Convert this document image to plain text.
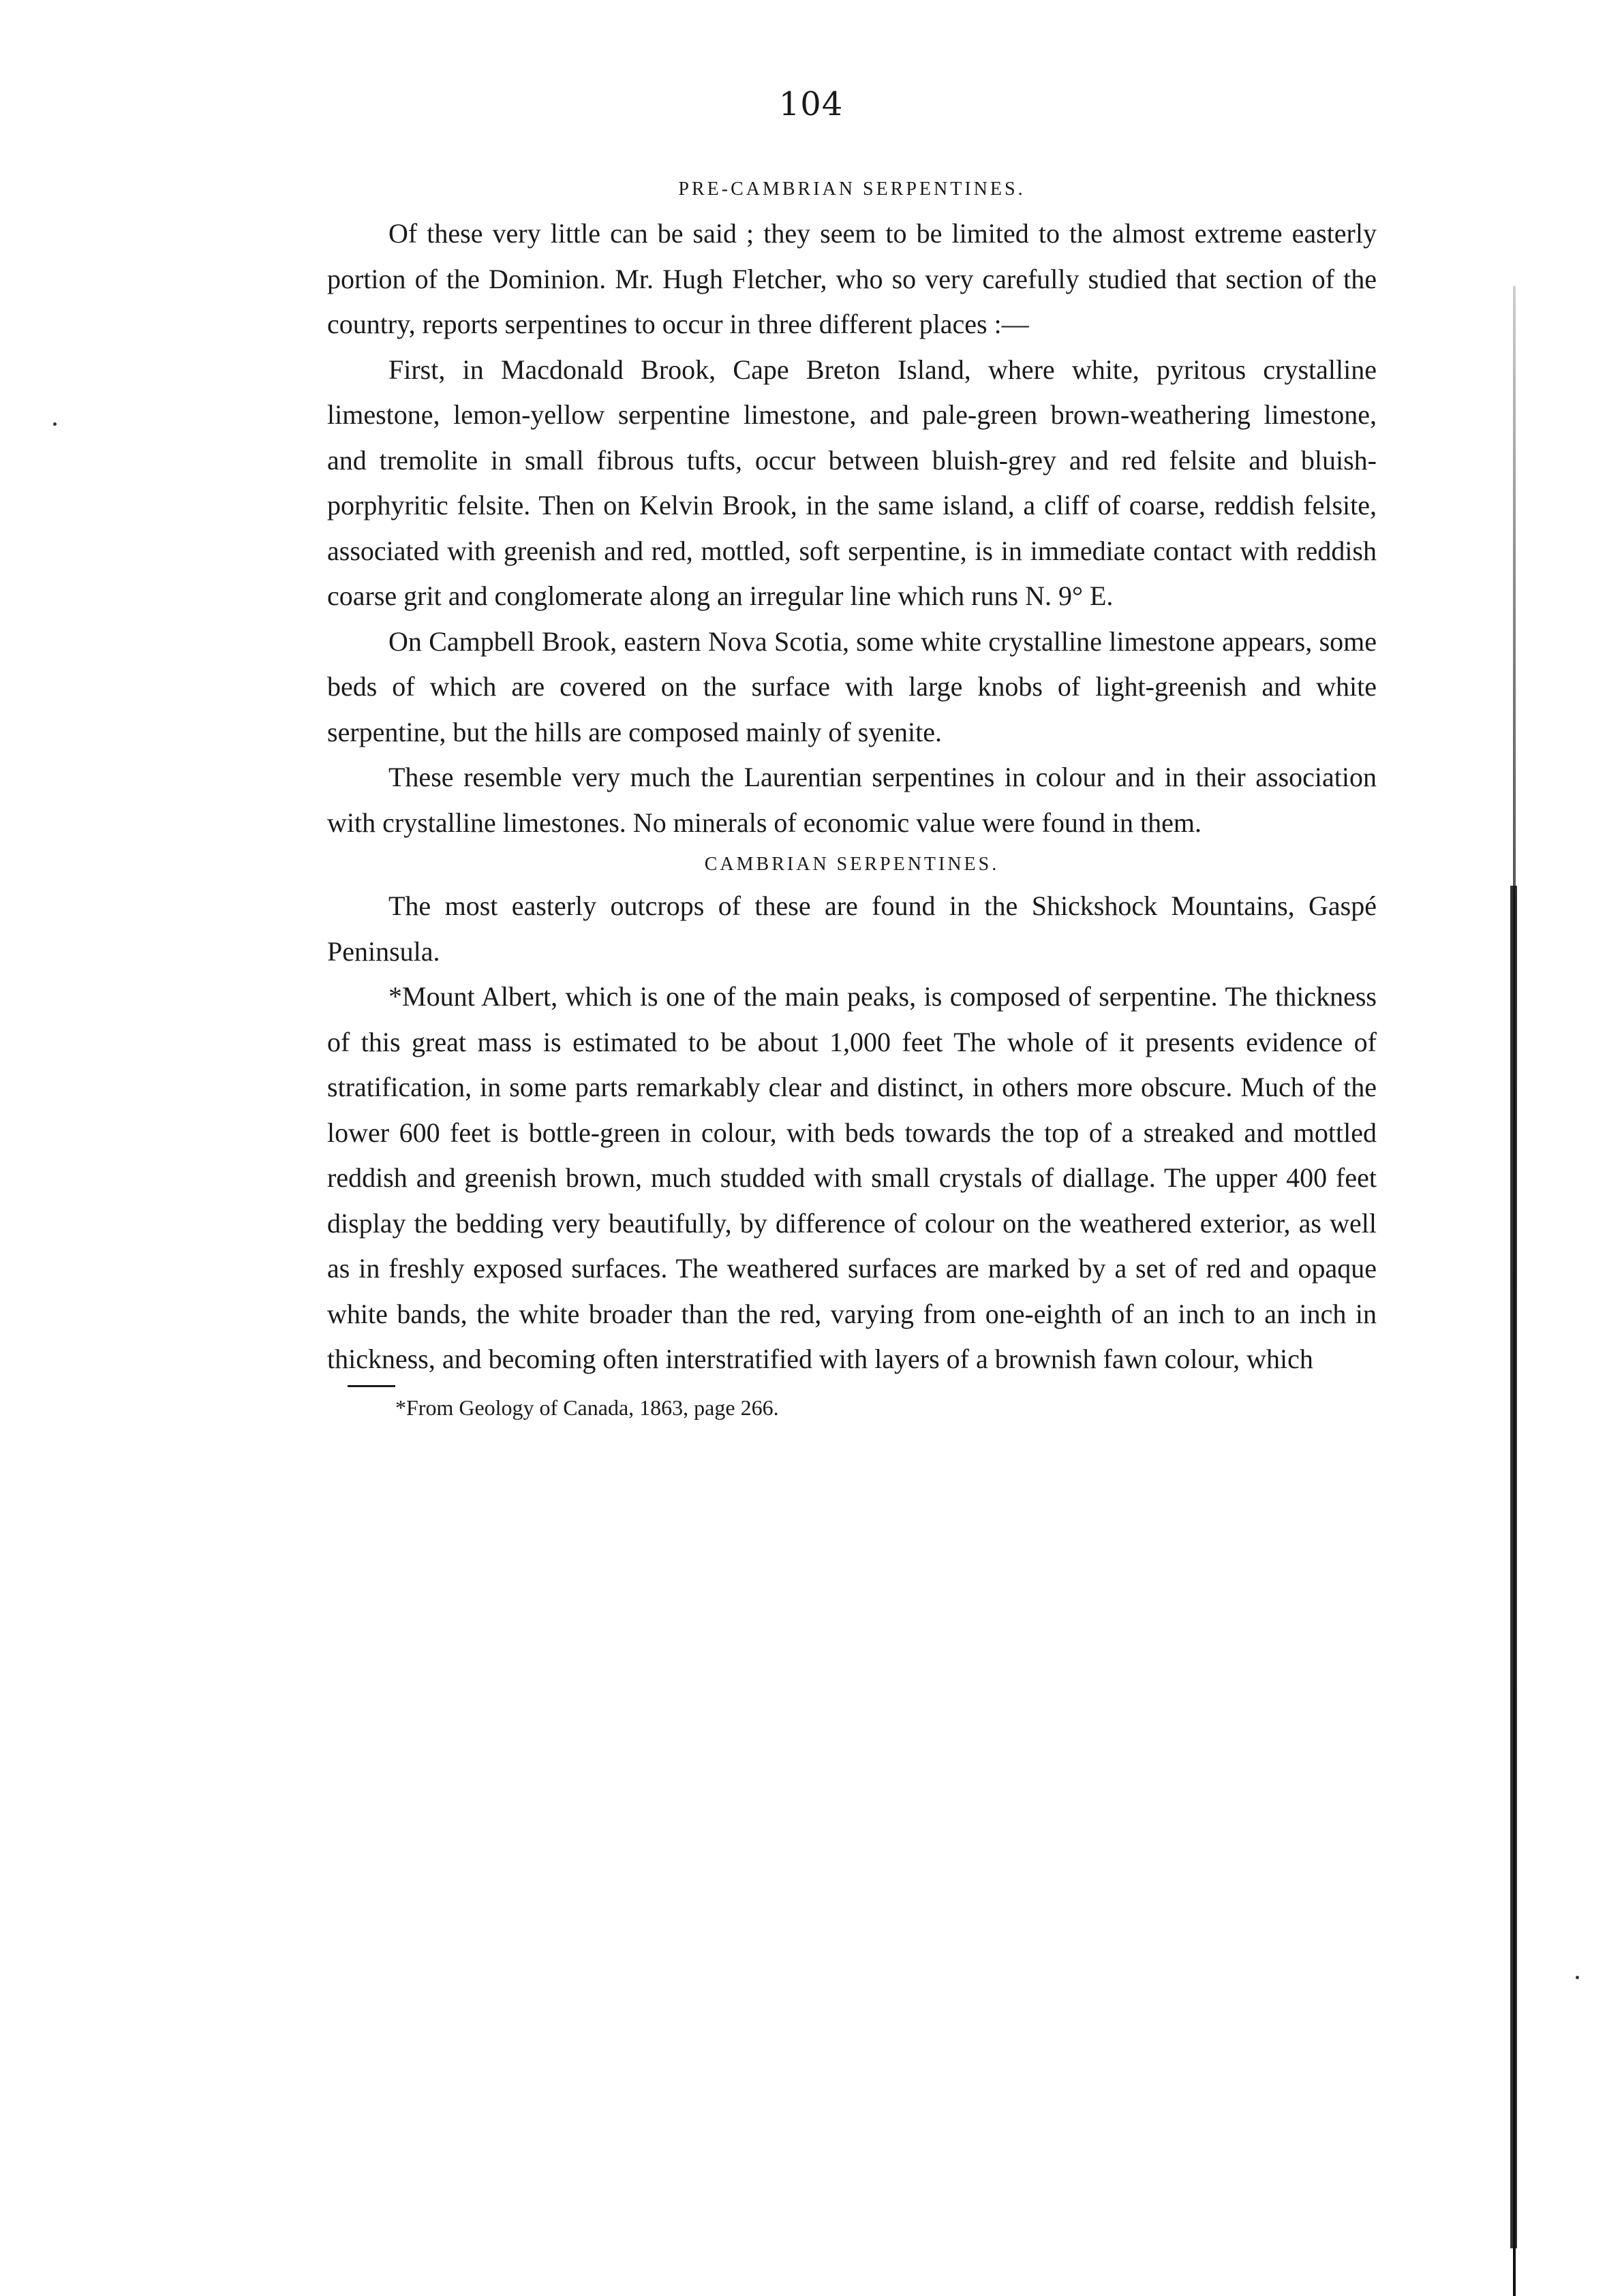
104
PRE-CAMBRIAN SERPENTINES.

Of these very little can be said ; they seem to be limited to the almost extreme easterly portion of the Dominion. Mr. Hugh Fletcher, who so very carefully studied that section of the country, reports serpentines to occur in three different places :—

First, in Macdonald Brook, Cape Breton Island, where white, pyritous crystalline limestone, lemon-yellow serpentine limestone, and pale-green brown-weathering limestone, and tremolite in small fibrous tufts, occur between bluish-grey and red felsite and bluish-porphyritic felsite. Then on Kelvin Brook, in the same island, a cliff of coarse, reddish felsite, associated with greenish and red, mottled, soft serpentine, is in immediate contact with reddish coarse grit and conglomerate along an irregular line which runs N. 9° E.

On Campbell Brook, eastern Nova Scotia, some white crystalline limestone appears, some beds of which are covered on the surface with large knobs of light-greenish and white serpentine, but the hills are composed mainly of syenite.

These resemble very much the Laurentian serpentines in colour and in their association with crystalline limestones. No minerals of economic value were found in them.

CAMBRIAN SERPENTINES.

The most easterly outcrops of these are found in the Shickshock Mountains, Gaspé Peninsula.

*Mount Albert, which is one of the main peaks, is composed of serpentine. The thickness of this great mass is estimated to be about 1,000 feet The whole of it presents evidence of stratification, in some parts remarkably clear and distinct, in others more obscure. Much of the lower 600 feet is bottle-green in colour, with beds towards the top of a streaked and mottled reddish and greenish brown, much studded with small crystals of diallage. The upper 400 feet display the bedding very beautifully, by difference of colour on the weathered exterior, as well as in freshly exposed surfaces. The weathered surfaces are marked by a set of red and opaque white bands, the white broader than the red, varying from one-eighth of an inch to an inch in thickness, and becoming often interstratified with layers of a brownish fawn colour, which

*From Geology of Canada, 1863, page 266.
